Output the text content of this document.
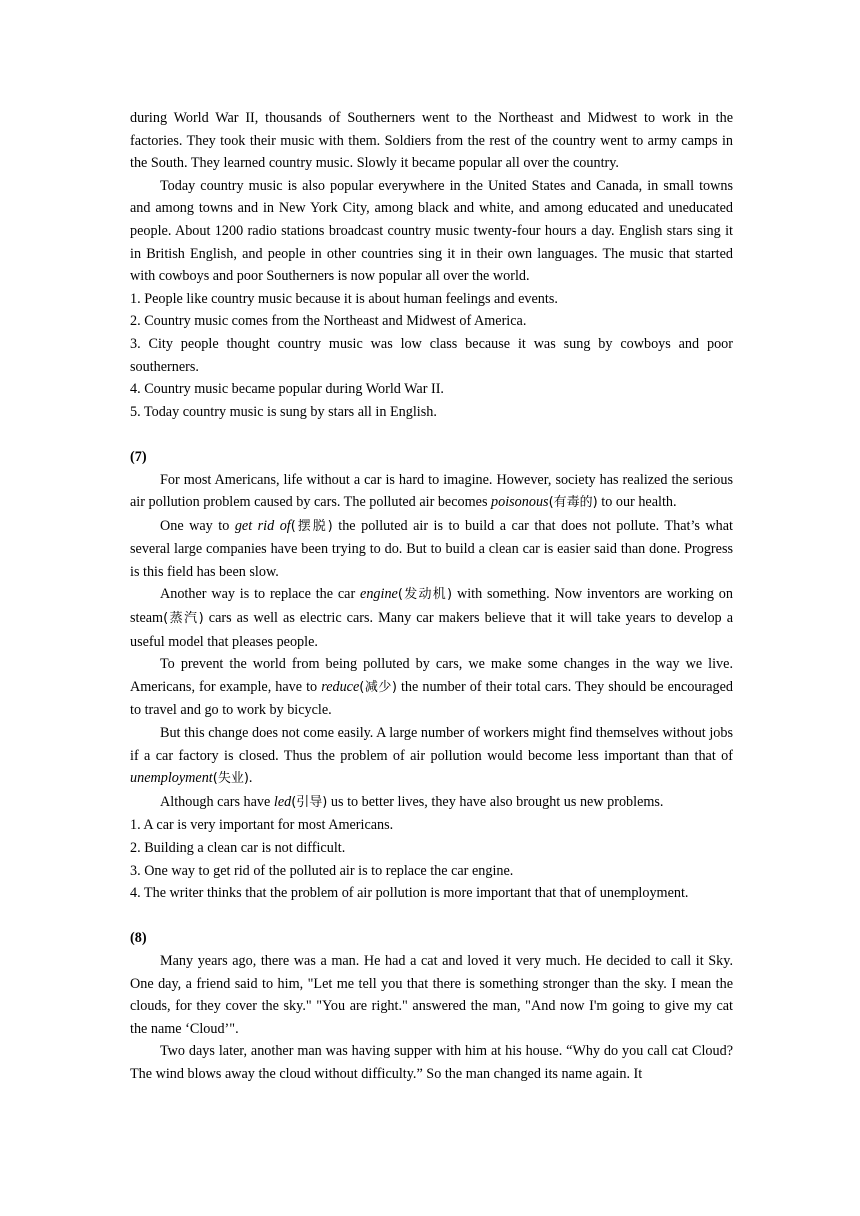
during World War II, thousands of Southerners went to the Northeast and Midwest to work in the factories. They took their music with them. Soldiers from the rest of the country went to army camps in the South. They learned country music. Slowly it became popular all over the country.

Today country music is also popular everywhere in the United States and Canada, in small towns and among towns and in New York City, among black and white, and among educated and uneducated people. About 1200 radio stations broadcast country music twenty-four hours a day. English stars sing it in British English, and people in other countries sing it in their own languages. The music that started with cowboys and poor Southerners is now popular all over the world.

1. People like country music because it is about human feelings and events.

2. Country music comes from the Northeast and Midwest of America.

3. City people thought country music was low class because it was sung by cowboys and poor southerners.

4. Country music became popular during World War II.

5. Today country music is sung by stars all in English.

(7)

For most Americans, life without a car is hard to imagine. However, society has realized the serious air pollution problem caused by cars. The polluted air becomes poisonous(有毒的) to our health.

One way to get rid of(摆脱) the polluted air is to build a car that does not pollute. That’s what several large companies have been trying to do. But to build a clean car is easier said than done. Progress is this field has been slow.

Another way is to replace the car engine(发动机) with something. Now inventors are working on steam(蒸汽) cars as well as electric cars. Many car makers believe that it will take years to develop a useful model that pleases people.

To prevent the world from being polluted by cars, we make some changes in the way we live. Americans, for example, have to reduce(减少) the number of their total cars. They should be encouraged to travel and go to work by bicycle.

But this change does not come easily. A large number of workers might find themselves without jobs if a car factory is closed. Thus the problem of air pollution would become less important than that of unemployment(失业).

Although cars have led(引导) us to better lives, they have also brought us new problems.

1. A car is very important for most Americans.

2. Building a clean car is not difficult.

3. One way to get rid of the polluted air is to replace the car engine.

4. The writer thinks that the problem of air pollution is more important that that of unemployment.

(8)

Many years ago, there was a man. He had a cat and loved it very much. He decided to call it Sky. One day, a friend said to him, "Let me tell you that there is something stronger than the sky. I mean the clouds, for they cover the sky." "You are right." answered the man, "And now I'm going to give my cat the name ‘Cloud’".

Two days later, another man was having supper with him at his house. “Why do you call cat Cloud? The wind blows away the cloud without difficulty.” So the man changed its name again. It
